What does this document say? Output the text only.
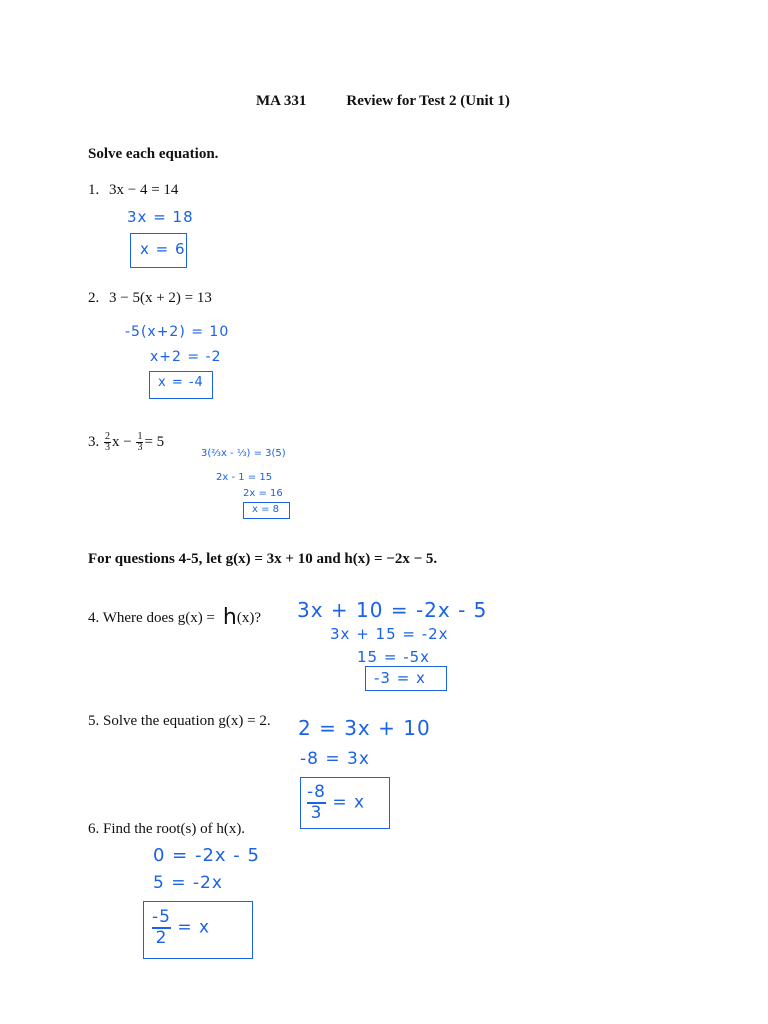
MA 331	Review for Test 2 (Unit 1)
Solve each equation.
1. 3x − 4 = 14
3x = 18
x = 6
2. 3 − 5(x + 2) = 13
-5(x+2) = 10
x+2 = -2
x = -4
3. $\frac{2}{3}$ $x - \frac{1}{3} = 5$
3(⅔x - ⅓) = 3(5)
2x - 1 = 15
2x = 16
x = 8
For questions 4-5, let g(x) = 3x + 10 and h(x) = −2x − 5.
4. Where does g(x) = h(x)? 3x + 10 = -2x - 5
3x + 15 = -2x
15 = -5x
-3 = x
5. Solve the equation g(x) = 2. 2 = 3x + 10
-8 = 3x
$\frac{-8}{3} = x$
6. Find the root(s) of h(x).
0 = -2x - 5
5 = -2x
$\frac{-5}{2} = x$
